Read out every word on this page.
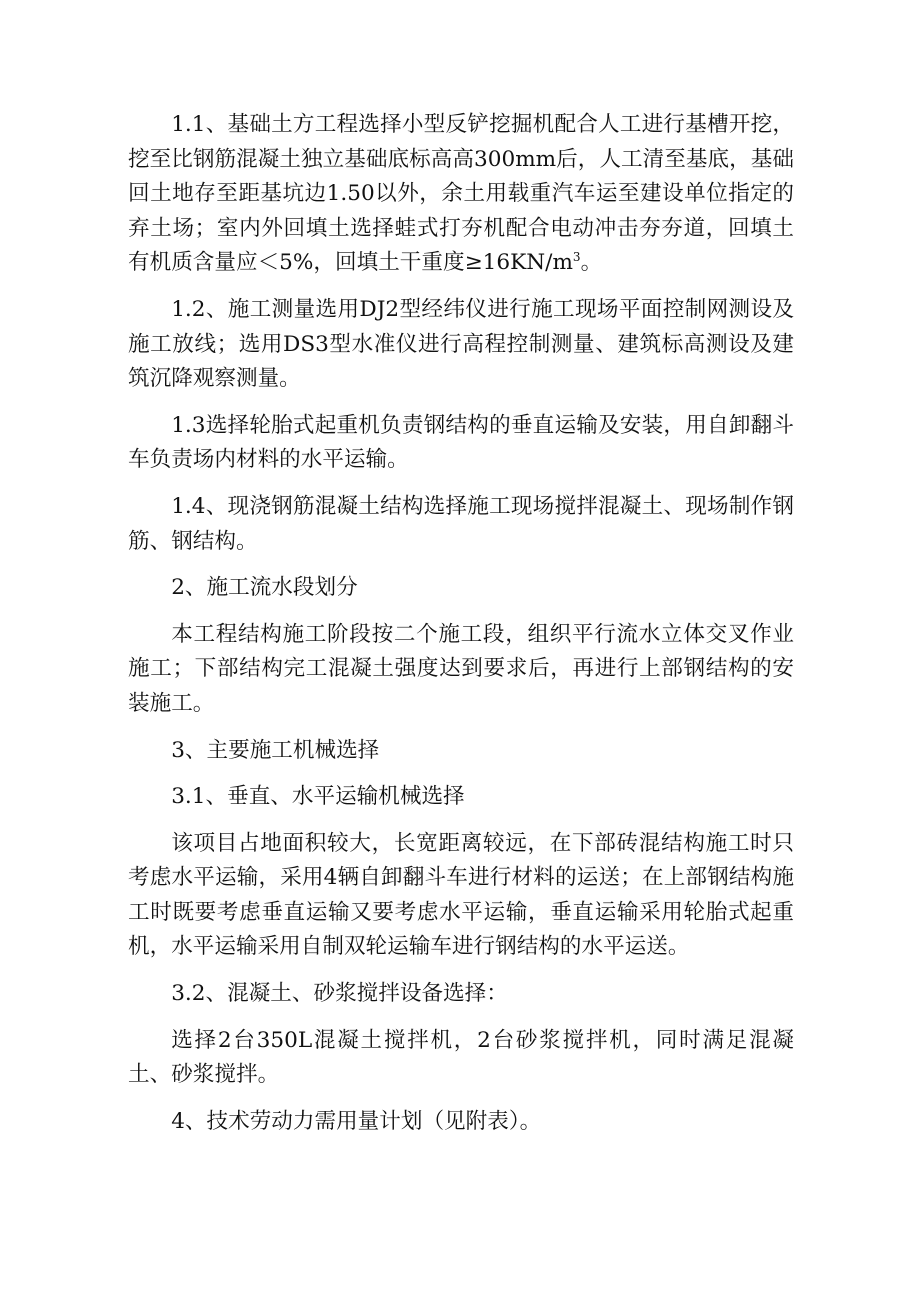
1.1、基础土方工程选择小型反铲挖掘机配合人工进行基槽开挖，挖至比钢筋混凝土独立基础底标高高300mm后，人工清至基底，基础回土地存至距基坑边1.50以外，余土用载重汽车运至建设单位指定的弃土场；室内外回填土选择蛙式打夯机配合电动冲击夯夯道，回填土有机质含量应＜5%，回填土干重度$\ge 16KN/m^3$。

1.2、施工测量选用DJ2型经纬仪进行施工现场平面控制网测设及施工放线；选用DS3型水准仪进行高程控制测量、建筑标高测设及建筑沉降观察测量。

1.3选择轮胎式起重机负责钢结构的垂直运输及安装，用自卸翻斗车负责场内材料的水平运输。

1.4、现浇钢筋混凝土结构选择施工现场搅拌混凝土、现场制作钢筋、钢结构。

2、施工流水段划分

本工程结构施工阶段按二个施工段，组织平行流水立体交叉作业施工；下部结构完工混凝土强度达到要求后，再进行上部钢结构的安装施工。

3、主要施工机械选择

3.1、垂直、水平运输机械选择

该项目占地面积较大，长宽距离较远，在下部砖混结构施工时只考虑水平运输，采用4辆自卸翻斗车进行材料的运送；在上部钢结构施工时既要考虑垂直运输又要考虑水平运输，垂直运输采用轮胎式起重机，水平运输采用自制双轮运输车进行钢结构的水平运送。

3.2、混凝土、砂浆搅拌设备选择：

选择2台350L混凝土搅拌机，2台砂浆搅拌机，同时满足混凝土、砂浆搅拌。

4、技术劳动力需用量计划（见附表）。
